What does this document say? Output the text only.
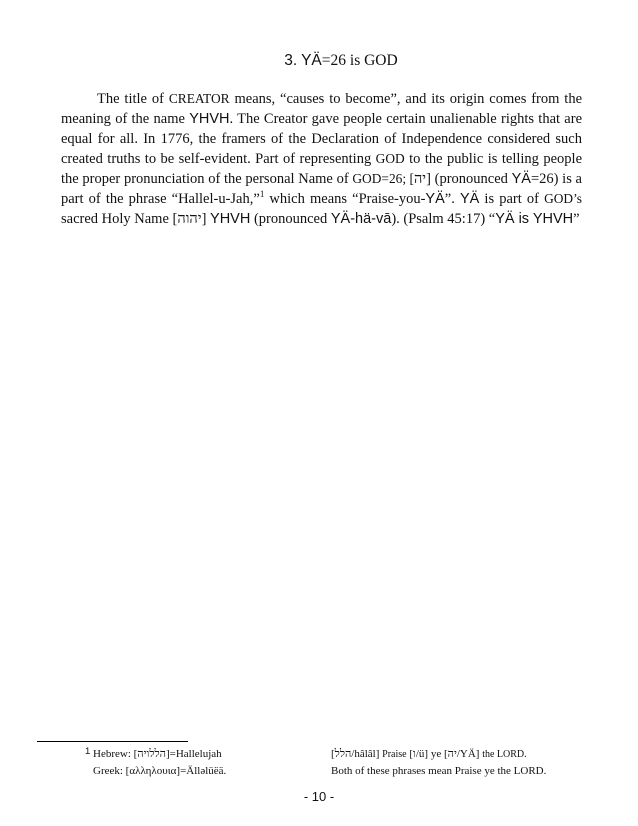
3. YÄ=26 is GOD
The title of CREATOR means, “causes to become”, and its origin comes from the meaning of the name YHVH. The Creator gave people certain unalienable rights that are equal for all. In 1776, the framers of the Declaration of Independence considered such created truths to be self-evident. Part of representing GOD to the public is telling people the proper pronunciation of the personal Name of GOD=26; [יה] (pronounced YÄ=26) is a part of the phrase “Hallel-u-Jah,”$^1$ which means “Praise-you-YÄ”. YÄ is part of GOD’s sacred Holy Name [יהוה] YHVH (pronounced YÄ-hä-vā). (Psalm 45:17) “YÄ is YHVH”
1 Hebrew: [הללויה]=Hallelujah
Greek: [αλληλουια]=Ällǝlüëä.
[הלל/hâlâl] Praise [ו/ü] ye [יה/YÄ] the LORD.
Both of these phrases mean Praise ye the LORD.
- 10 -
